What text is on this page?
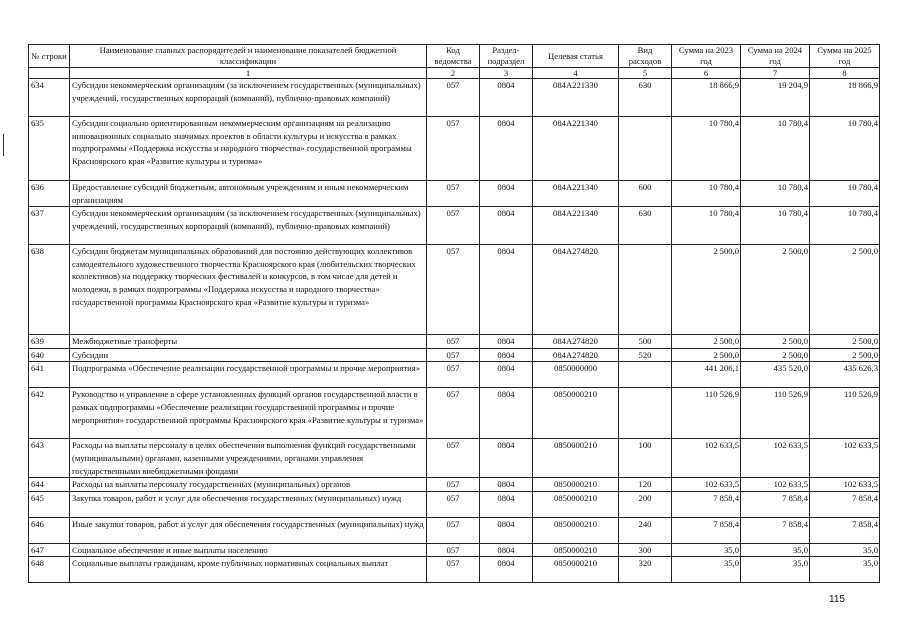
№ строки	Наименование главных распорядителей и наименование показателей бюджетной классификации	Код ведомства	Раздел-подраздел	Целевая статья	Вид расходов	Сумма на 2023 год	Сумма на 2024 год	Сумма на 2025 год
	1	2	3	4	5	6	7	8
634	Субсидии некоммерческим организациям (за исключением государственных (муниципальных) учреждений, государственных корпораций (компаний), публично-правовых компаний)	057	0804	084А221330	630	18 866,9	19 204,9	18 866,9
635	Субсидии социально ориентированным некоммерческим организациям на реализацию инновационных социально значимых проектов в области культуры и искусства в рамках подпрограммы «Поддержка искусства и народного творчества» государственной программы Красноярского края «Развитие культуры и туризма»	057	0804	084А221340		10 780,4	10 780,4	10 780,4
636	Предоставление субсидий бюджетным, автономным учреждениям и иным некоммерческим организациям	057	0804	084А221340	600	10 780,4	10 780,4	10 780,4
637	Субсидии некоммерческим организациям (за исключением государственных (муниципальных) учреждений, государственных корпораций (компаний), публично-правовых компаний)	057	0804	084А221340	630	10 780,4	10 780,4	10 780,4
638	Субсидии бюджетам муниципальных образований для постоянно действующих коллективов самодеятельного художественного творчества Красноярского края (любительских творческих коллективов) на поддержку творческих фестивалей и конкурсов, в том числе для детей и молодежи, в рамках подпрограммы «Поддержка искусства и народного творчества» государственной программы Красноярского края «Развитие культуры и туризма»	057	0804	084А274820		2 500,0	2 500,0	2 500,0
639	Межбюджетные трансферты	057	0804	084А274820	500	2 500,0	2 500,0	2 500,0
640	Субсидии	057	0804	084А274820	520	2 500,0	2 500,0	2 500,0
641	Подпрограмма «Обеспечение реализации государственной программы и прочие мероприятия»	057	0804	0850000000		441 206,1	435 520,0	435 626,3
642	Руководство и управление в сфере установленных функций органов государственной власти в рамках подпрограммы «Обеспечение реализации государственной программы и прочие мероприятия» государственной программы Красноярского края «Развитие культуры и туризма»	057	0804	0850000210		110 526,9	110 526,9	110 526,9
643	Расходы на выплаты персоналу в целях обеспечения выполнения функций государственными (муниципальными) органами, казенными учреждениями, органами управления государственными внебюджетными фондами	057	0804	0850000210	100	102 633,5	102 633,5	102 633,5
644	Расходы на выплаты персоналу государственных (муниципальных) органов	057	0804	0850000210	120	102 633,5	102 633,5	102 633,5
645	Закупка товаров, работ и услуг для обеспечения государственных (муниципальных) нужд	057	0804	0850000210	200	7 858,4	7 858,4	7 858,4
646	Иные закупки товаров, работ и услуг для обеспечения государственных (муниципальных) нужд	057	0804	0850000210	240	7 858,4	7 858,4	7 858,4
647	Социальное обеспечение и иные выплаты населению	057	0804	0850000210	300	35,0	35,0	35,0
648	Социальные выплаты гражданам, кроме публичных нормативных социальных выплат	057	0804	0850000210	320	35,0	35,0	35,0
115
